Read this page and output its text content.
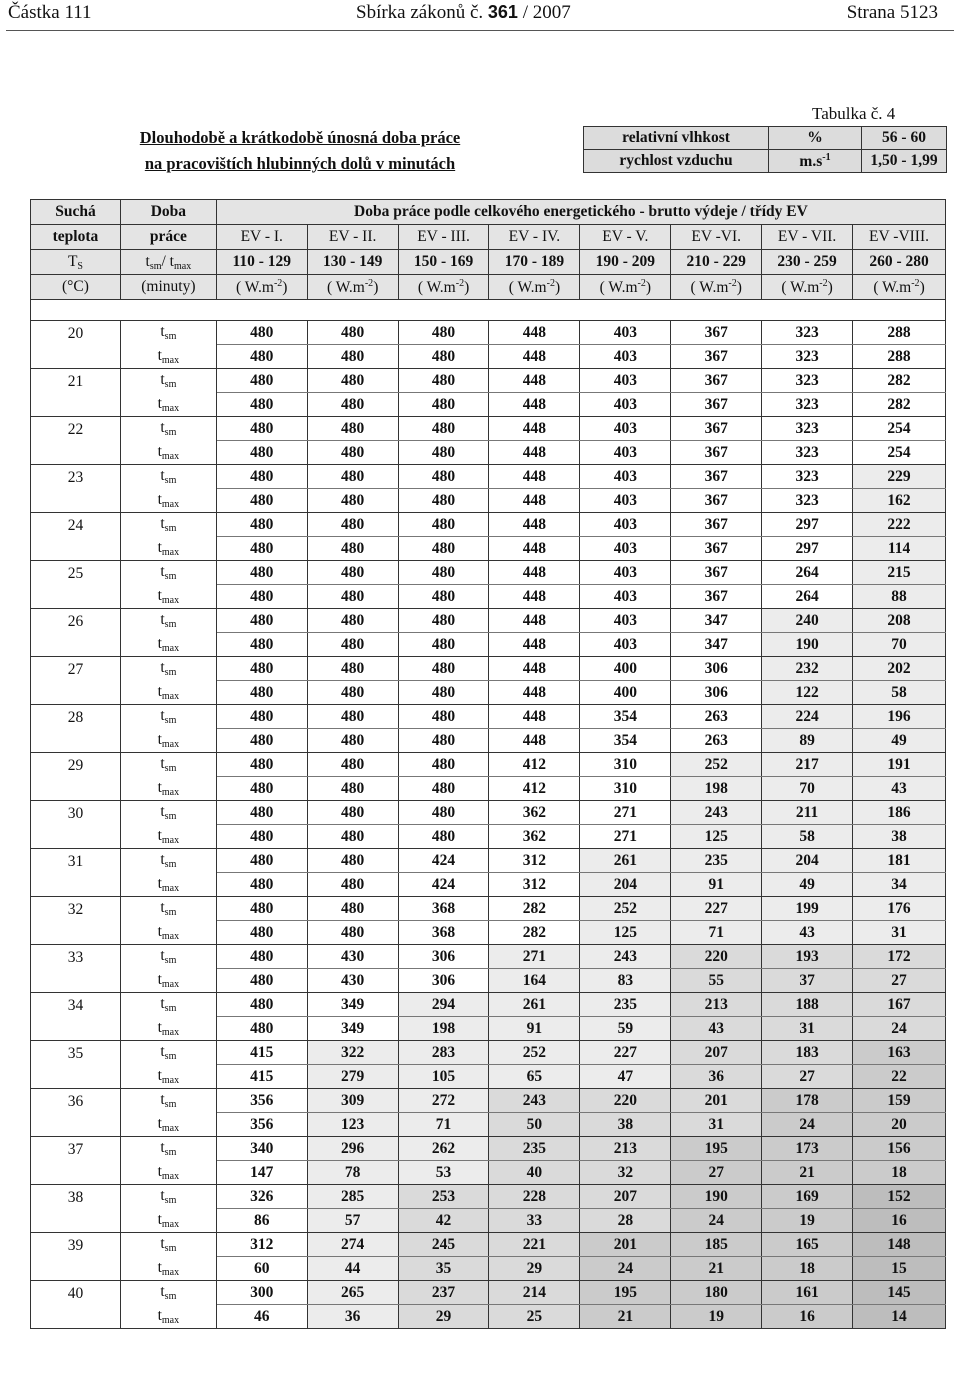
Částka 111	Sbírka zákonů č. 361 / 2007	Strana 5123
Tabulka č. 4
Dlouhodobě a krátkodobě únosná doba práce
na pracovištích hlubinných dolů v minutách
relativní vlhkost	%	56 - 60
rychlost vzduchu	$m.s^{-1}$	1,50 - 1,99
Suchá	Doba	Doba práce podle celkového energetického - brutto výdeje / třídy EV							
teplota	práce	EV - I.	EV - II.	EV - III.	EV - IV.	EV - V.	EV -VI.	EV - VII.	EV -VIII.
$T_S$	$t_{sm}/$ $t_{max}$	110 - 129	130 - 149	150 - 169	170 - 189	190 - 209	210 - 229	230 - 259	260 - 280
(°C)	(minuty)	( $W.m^{-2}$)	( $W.m^{-2}$)	( $W.m^{-2}$)	( $W.m^{-2}$)	( $W.m^{-2}$)	( $W.m^{-2}$)	( $W.m^{-2}$)	( $W.m^{-2}$)

20	$t_{sm}$	480	480	480	448	403	367	323	288
	$t_{max}$	480	480	480	448	403	367	323	288
21	$t_{sm}$	480	480	480	448	403	367	323	282
	$t_{max}$	480	480	480	448	403	367	323	282
22	$t_{sm}$	480	480	480	448	403	367	323	254
	$t_{max}$	480	480	480	448	403	367	323	254
23	$t_{sm}$	480	480	480	448	403	367	323	229
	$t_{max}$	480	480	480	448	403	367	323	162
24	$t_{sm}$	480	480	480	448	403	367	297	222
	$t_{max}$	480	480	480	448	403	367	297	114
25	$t_{sm}$	480	480	480	448	403	367	264	215
	$t_{max}$	480	480	480	448	403	367	264	88
26	$t_{sm}$	480	480	480	448	403	347	240	208
	$t_{max}$	480	480	480	448	403	347	190	70
27	$t_{sm}$	480	480	480	448	400	306	232	202
	$t_{max}$	480	480	480	448	400	306	122	58
28	$t_{sm}$	480	480	480	448	354	263	224	196
	$t_{max}$	480	480	480	448	354	263	89	49
29	$t_{sm}$	480	480	480	412	310	252	217	191
	$t_{max}$	480	480	480	412	310	198	70	43
30	$t_{sm}$	480	480	480	362	271	243	211	186
	$t_{max}$	480	480	480	362	271	125	58	38
31	$t_{sm}$	480	480	424	312	261	235	204	181
	$t_{max}$	480	480	424	312	204	91	49	34
32	$t_{sm}$	480	480	368	282	252	227	199	176
	$t_{max}$	480	480	368	282	125	71	43	31
33	$t_{sm}$	480	430	306	271	243	220	193	172
	$t_{max}$	480	430	306	164	83	55	37	27
34	$t_{sm}$	480	349	294	261	235	213	188	167
	$t_{max}$	480	349	198	91	59	43	31	24
35	$t_{sm}$	415	322	283	252	227	207	183	163
	$t_{max}$	415	279	105	65	47	36	27	22
36	$t_{sm}$	356	309	272	243	220	201	178	159
	$t_{max}$	356	123	71	50	38	31	24	20
37	$t_{sm}$	340	296	262	235	213	195	173	156
	$t_{max}$	147	78	53	40	32	27	21	18
38	$t_{sm}$	326	285	253	228	207	190	169	152
	$t_{max}$	86	57	42	33	28	24	19	16
39	$t_{sm}$	312	274	245	221	201	185	165	148
	$t_{max}$	60	44	35	29	24	21	18	15
40	$t_{sm}$	300	265	237	214	195	180	161	145
	$t_{max}$	46	36	29	25	21	19	16	14
